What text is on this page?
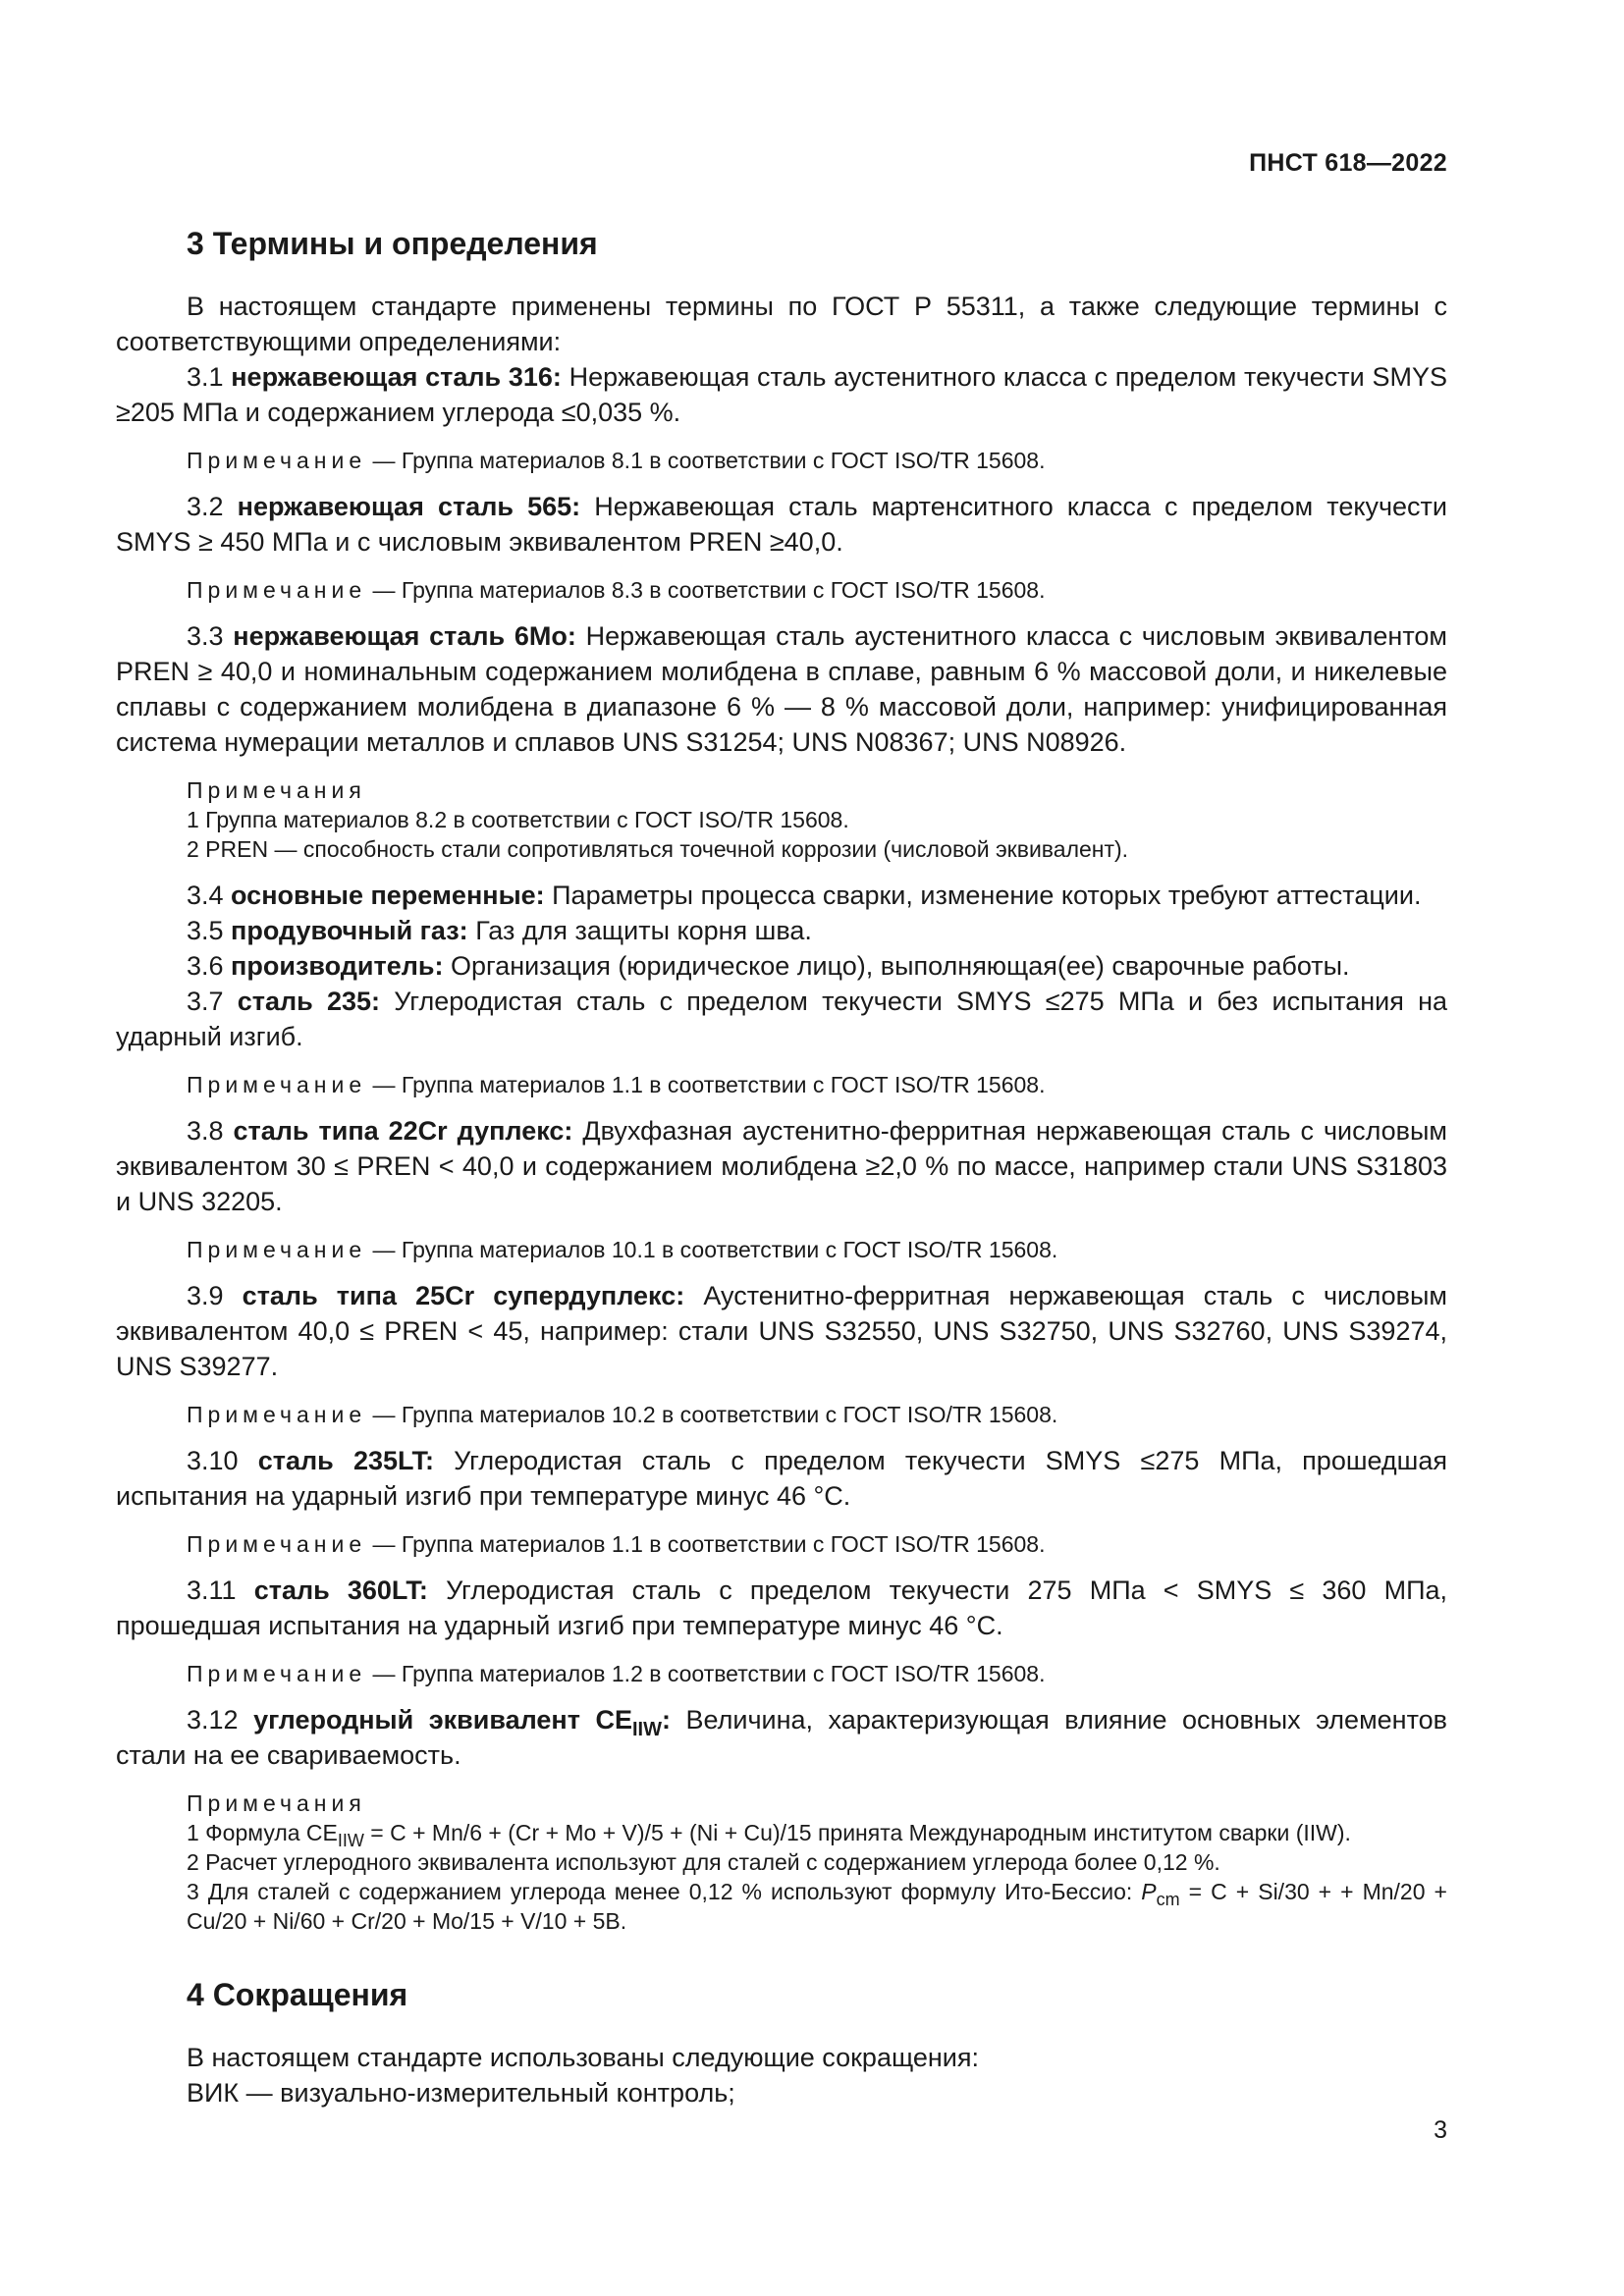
ПНСТ 618—2022
3 Термины и определения

В настоящем стандарте применены термины по ГОСТ Р 55311, а также следующие термины с соответствующими определениями:

3.1 нержавеющая сталь 316: Нержавеющая сталь аустенитного класса с пределом текучести SMYS ≥205 МПа и содержанием углерода ≤0,035 %.

Примечание — Группа материалов 8.1 в соответствии с ГОСТ ISO/TR 15608.

3.2 нержавеющая сталь 565: Нержавеющая сталь мартенситного класса с пределом текучести SMYS ≥ 450 МПа и с числовым эквивалентом PREN ≥40,0.

Примечание — Группа материалов 8.3 в соответствии с ГОСТ ISO/TR 15608.

3.3 нержавеющая сталь 6Mo: Нержавеющая сталь аустенитного класса с числовым эквивалентом PREN ≥ 40,0 и номинальным содержанием молибдена в сплаве, равным 6 % массовой доли, и никелевые сплавы с содержанием молибдена в диапазоне 6 % — 8 % массовой доли, например: унифицированная система нумерации металлов и сплавов UNS S31254; UNS N08367; UNS N08926.

Примечания
1 Группа материалов 8.2 в соответствии с ГОСТ ISO/TR 15608.
2 PREN — способность стали сопротивляться точечной коррозии (числовой эквивалент).

3.4 основные переменные: Параметры процесса сварки, изменение которых требуют аттестации.

3.5 продувочный газ: Газ для защиты корня шва.

3.6 производитель: Организация (юридическое лицо), выполняющая(ее) сварочные работы.

3.7 сталь 235: Углеродистая сталь с пределом текучести SMYS ≤275 МПа и без испытания на ударный изгиб.

Примечание — Группа материалов 1.1 в соответствии с ГОСТ ISO/TR 15608.

3.8 сталь типа 22Cr дуплекс: Двухфазная аустенитно-ферритная нержавеющая сталь с числовым эквивалентом 30 ≤ PREN < 40,0 и содержанием молибдена ≥2,0 % по массе, например стали UNS S31803 и UNS 32205.

Примечание — Группа материалов 10.1 в соответствии с ГОСТ ISO/TR 15608.

3.9 сталь типа 25Cr супердуплекс: Аустенитно-ферритная нержавеющая сталь с числовым эквивалентом 40,0 ≤ PREN < 45, например: стали UNS S32550, UNS S32750, UNS S32760, UNS S39274, UNS S39277.

Примечание — Группа материалов 10.2 в соответствии с ГОСТ ISO/TR 15608.

3.10 сталь 235LT: Углеродистая сталь с пределом текучести SMYS ≤275 МПа, прошедшая испытания на ударный изгиб при температуре минус 46 °С.

Примечание — Группа материалов 1.1 в соответствии с ГОСТ ISO/TR 15608.

3.11 сталь 360LT: Углеродистая сталь с пределом текучести 275 МПа < SMYS ≤ 360 МПа, прошедшая испытания на ударный изгиб при температуре минус 46 °С.

Примечание — Группа материалов 1.2 в соответствии с ГОСТ ISO/TR 15608.

3.12 углеродный эквивалент $CE_{IIW}$: Величина, характеризующая влияние основных элементов стали на ее свариваемость.

Примечания
1 Формула $CE_{IIW} = С + Mn/6 + (Cr + Mo + V)/5 + (Ni + Cu)/15$ принята Международным институтом сварки (IIW).
2 Расчет углеродного эквивалента используют для сталей с содержанием углерода более 0,12 %.
3 Для сталей с содержанием углерода менее 0,12 % используют формулу Ито-Бессио: $P_{cm} = C + Si/30$ + + Mn/20 + Cu/20 + Ni/60 + Cr/20 + Mo/15 + V/10 + 5B.
4 Сокращения

В настоящем стандарте использованы следующие сокращения:

ВИК — визуально-измерительный контроль;

3
